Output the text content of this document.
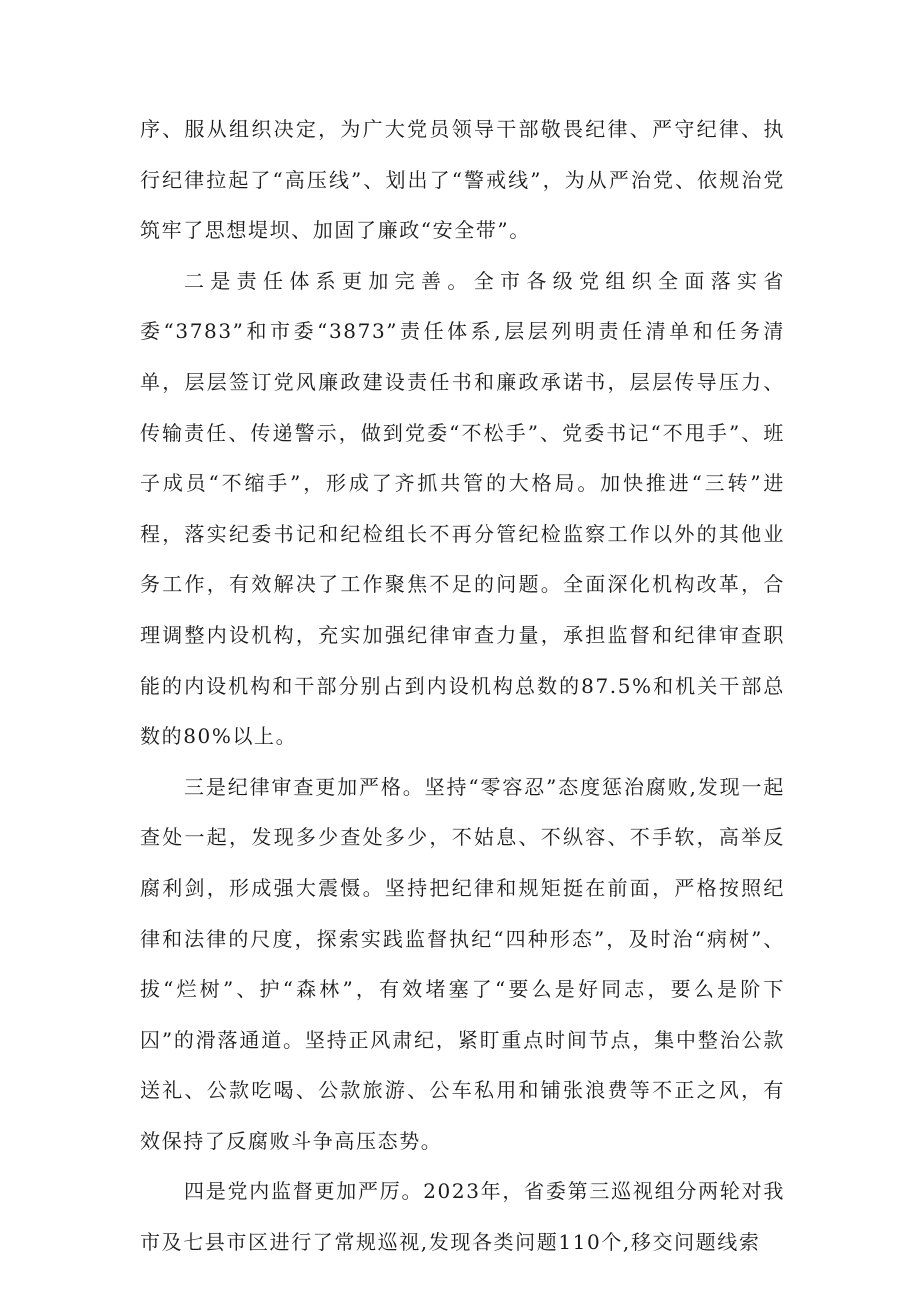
序、服从组织决定，为广大党员领导干部敬畏纪律、严守纪律、执行纪律拉起了“高压线”、划出了“警戒线”，为从严治党、依规治党筑牢了思想堤坝、加固了廉政“安全带”。

二是责任体系更加完善。全市各级党组织全面落实省委“3783”和市委“3873”责任体系,层层列明责任清单和任务清单，层层签订党风廉政建设责任书和廉政承诺书，层层传导压力、传输责任、传递警示，做到党委“不松手”、党委书记“不甩手”、班子成员“不缩手”，形成了齐抓共管的大格局。加快推进“三转”进程，落实纪委书记和纪检组长不再分管纪检监察工作以外的其他业务工作，有效解决了工作聚焦不足的问题。全面深化机构改革，合理调整内设机构，充实加强纪律审查力量，承担监督和纪律审查职能的内设机构和干部分别占到内设机构总数的87.5%和机关干部总数的80%以上。

三是纪律审查更加严格。坚持“零容忍”态度惩治腐败,发现一起查处一起，发现多少查处多少，不姑息、不纵容、不手软，高举反腐利剑，形成强大震慑。坚持把纪律和规矩挺在前面，严格按照纪律和法律的尺度，探索实践监督执纪“四种形态”，及时治“病树”、拔“烂树”、护“森林”，有效堵塞了“要么是好同志，要么是阶下囚”的滑落通道。坚持正风肃纪，紧盯重点时间节点，集中整治公款送礼、公款吃喝、公款旅游、公车私用和铺张浪费等不正之风，有效保持了反腐败斗争高压态势。

四是党内监督更加严厉。2023年，省委第三巡视组分两轮对我市及七县市区进行了常规巡视,发现各类问题110个,移交问题线索
